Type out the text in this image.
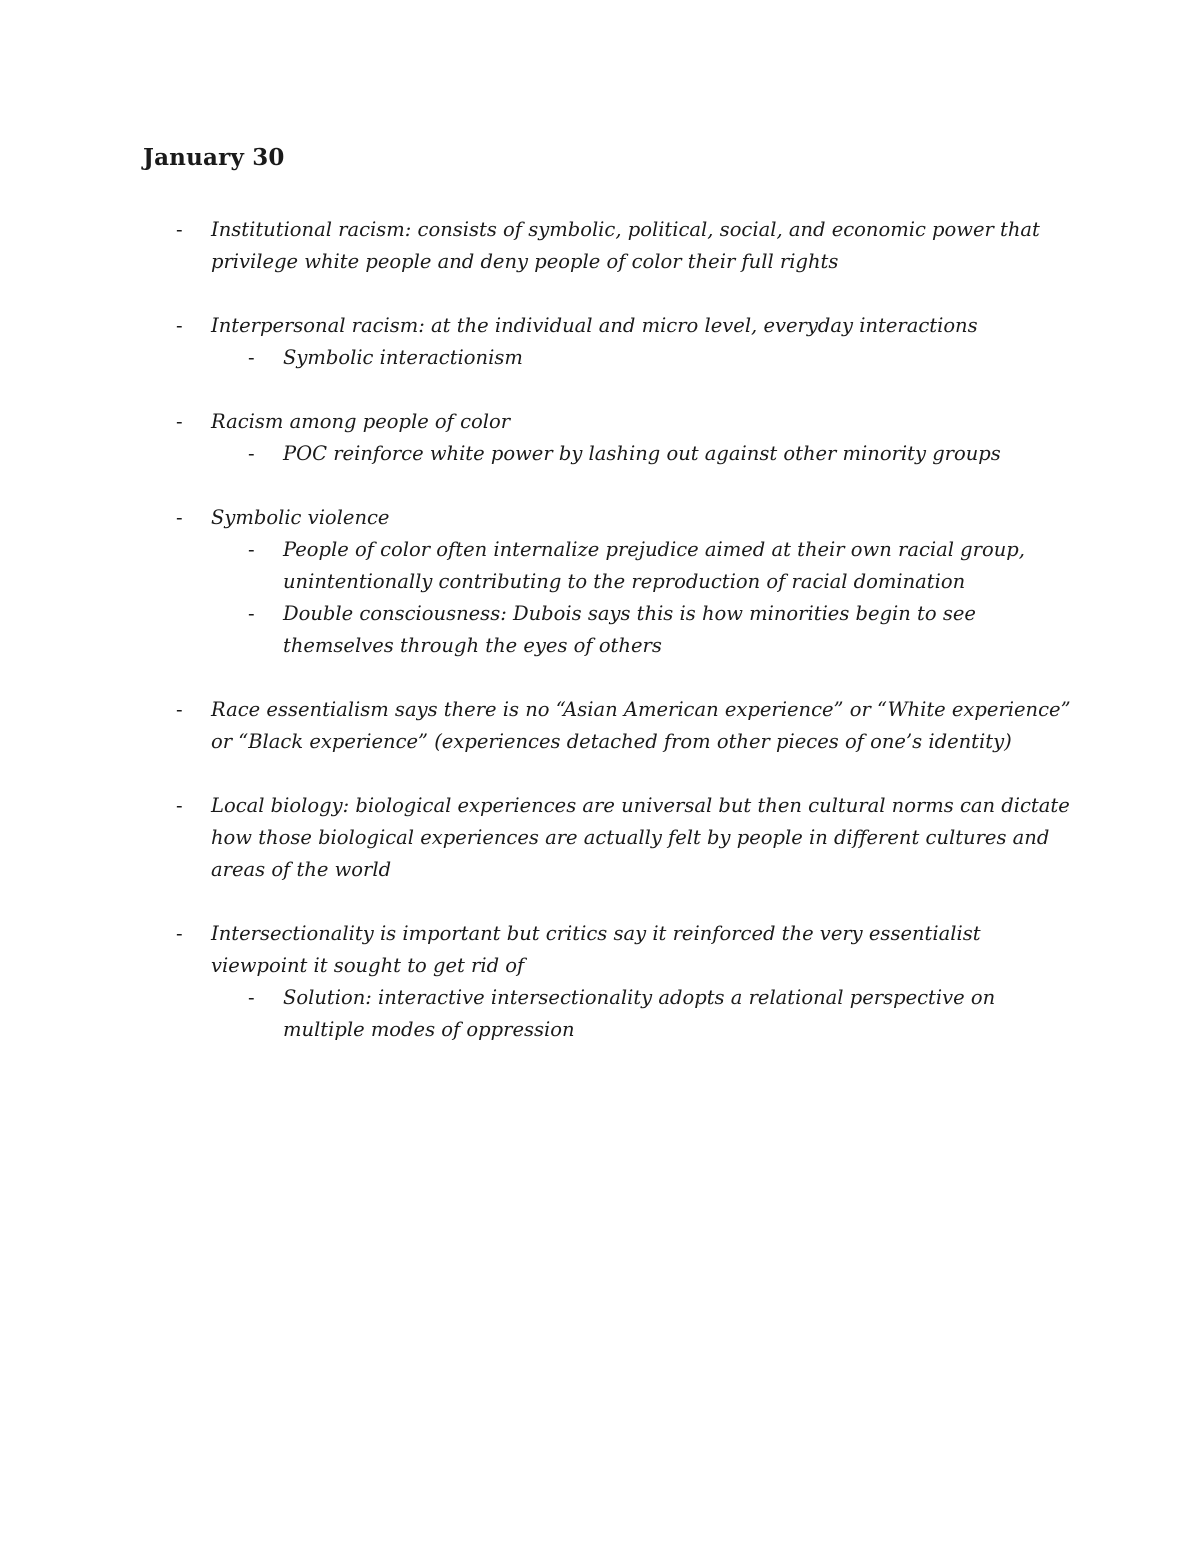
January 30
- Institutional racism: consists of symbolic, political, social, and economic power that privilege white people and deny people of color their full rights
- Interpersonal racism: at the individual and micro level, everyday interactions
- Symbolic interactionism
- Racism among people of color
- POC reinforce white power by lashing out against other minority groups
- Symbolic violence
- People of color often internalize prejudice aimed at their own racial group, unintentionally contributing to the reproduction of racial domination
- Double consciousness: Dubois says this is how minorities begin to see themselves through the eyes of others
- Race essentialism says there is no “Asian American experience” or “White experience” or “Black experience” (experiences detached from other pieces of one’s identity)
- Local biology: biological experiences are universal but then cultural norms can dictate how those biological experiences are actually felt by people in different cultures and areas of the world
- Intersectionality is important but critics say it reinforced the very essentialist viewpoint it sought to get rid of
- Solution: interactive intersectionality adopts a relational perspective on multiple modes of oppression
